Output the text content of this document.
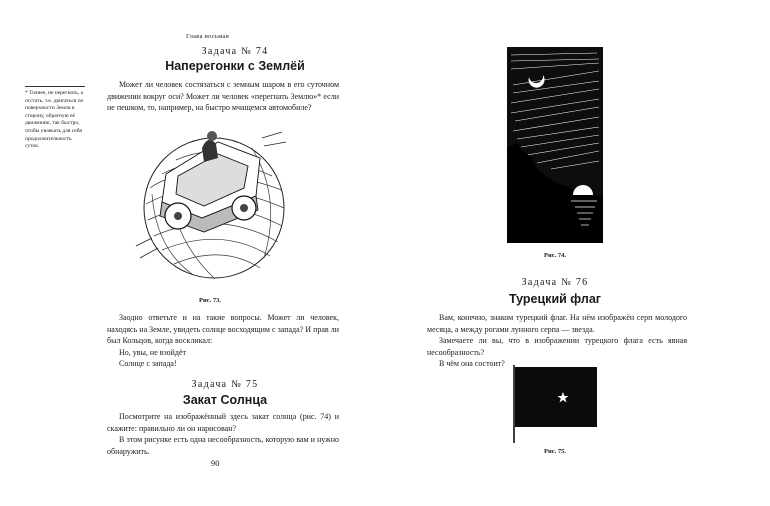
Глава восьмая
Задача № 74
Наперегонки с Землёй

Может ли человек состязаться с земным шаром в его суточном движении вокруг оси? Может ли человек «перегнать Землю»* если не пешком, то, например, на быстро мчащемся автомобиле?

* Точнее, не перегнать, а отстать, т.е. двигаться по поверхности Земли в сторону, обратную её движению, так быстро, чтобы увлекать для себя продолжительность суток.
Рис. 73.

Заодно ответьте и на такие вопросы. Может ли человек, находясь на Земле, увидеть солнце восходящим с запада? И прав ли был Кольцов, когда воскликал:

Но, увы, не взойдёт

Солнце с запада!

Задача № 75
Закат Солнца

Посмотрите на изображённый здесь закат солнца (рис. 74) и скажите: правильно ли он нарисован?

В этом рисунке есть одна несообразность, которую вам и нужно обнаружить.

90
Рис. 74.
Задача № 76
Турецкий флаг

Вам, конечно, знаком турецкий флаг. На нём изображён серп молодого месяца, а между рогами лунного серпа — звезда.

Замечаете ли вы, что в изображении турецкого флага есть явная несообразность?

В чём она состоит?

Рис. 75.
